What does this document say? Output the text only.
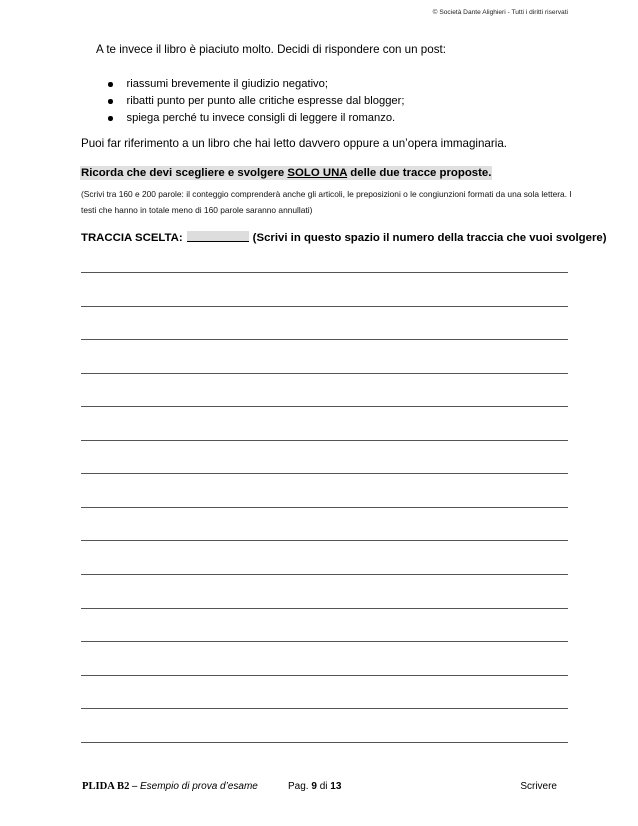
© Società Dante Alighieri - Tutti i diritti riservati
A te invece il libro è piaciuto molto. Decidi di rispondere con un post:
riassumi brevemente il giudizio negativo;
ribatti punto per punto alle critiche espresse dal blogger;
spiega perché tu invece consigli di leggere il romanzo.
Puoi far riferimento a un libro che hai letto davvero oppure a un’opera immaginaria.
Ricorda che devi scegliere e svolgere SOLO UNA delle due tracce proposte.
(Scrivi tra 160 e 200 parole: il conteggio comprenderà anche gli articoli, le preposizioni o le congiunzioni formati da una sola lettera. I testi che hanno in totale meno di 160 parole saranno annullati)
TRACCIA SCELTA:	(Scrivi in questo spazio il numero della traccia che vuoi svolgere)
PLIDA B2 – Esempio di prova d’esame	Pag. 9 di 13	Scrivere
